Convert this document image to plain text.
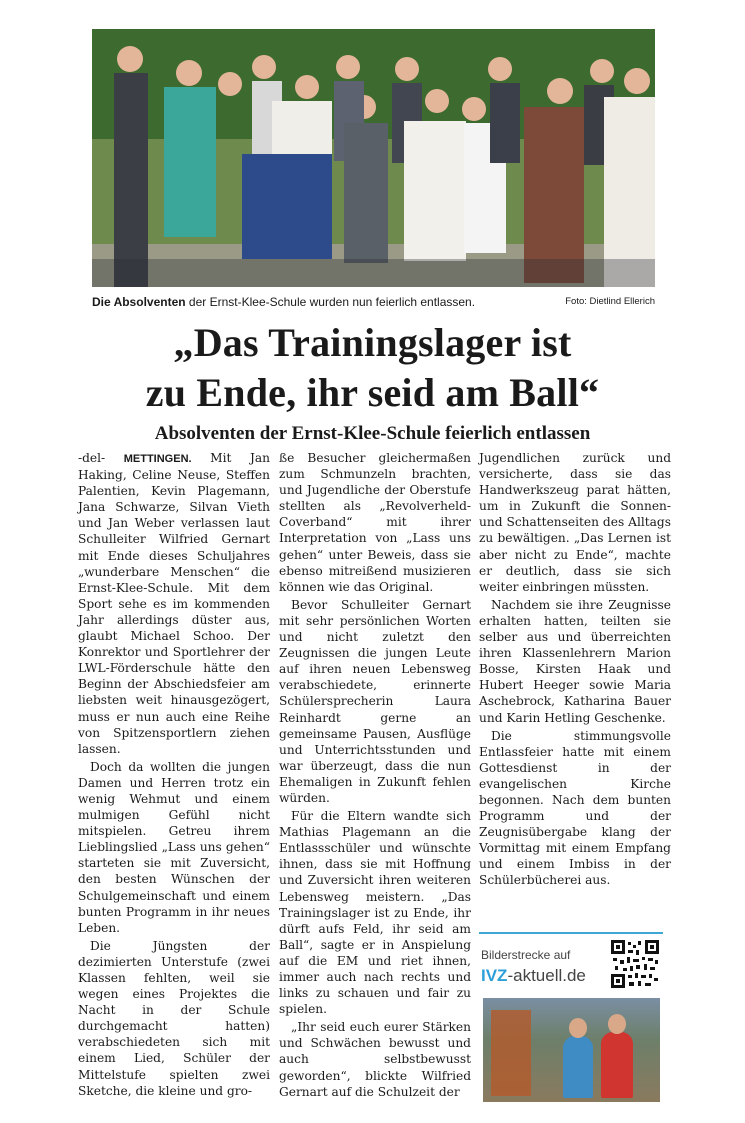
Die Absolventen der Ernst-Klee-Schule wurden nun feierlich entlassen.	Foto: Dietlind Ellerich
„Das Trainingslager ist
zu Ende, ihr seid am Ball“
Absolventen der Ernst-Klee-Schule feierlich entlassen

-del- METTINGEN. Mit Jan Haking, Celine Neuse, Steffen Palentien, Kevin Plagemann, Jana Schwarze, Silvan Vieth und Jan Weber verlassen laut Schulleiter Wilfried Gernart mit Ende dieses Schuljahres „wunderbare Menschen“ die Ernst-Klee-Schule. Mit dem Sport sehe es im kommenden Jahr allerdings düster aus, glaubt Michael Schoo. Der Konrektor und Sportlehrer der LWL-Förderschule hätte den Beginn der Abschiedsfeier am liebsten weit hinausgezögert, muss er nun auch eine Reihe von Spitzensportlern ziehen lassen.

Doch da wollten die jungen Damen und Herren trotz ein wenig Wehmut und einem mulmigen Gefühl nicht mitspielen. Getreu ihrem Lieblingslied „Lass uns gehen“ starteten sie mit Zuversicht, den besten Wünschen der Schulgemeinschaft und einem bunten Programm in ihr neues Leben.

Die Jüngsten der dezimierten Unterstufe (zwei Klassen fehlten, weil sie wegen eines Projektes die Nacht in der Schule durchgemacht hatten) verabschiedeten sich mit einem Lied, Schüler der Mittelstufe spielten zwei Sketche, die kleine und gro-

ße Besucher gleichermaßen zum Schmunzeln brachten, und Jugendliche der Oberstufe stellten als „Revolverheld-Coverband“ mit ihrer Interpretation von „Lass uns gehen“ unter Beweis, dass sie ebenso mitreißend musizieren können wie das Original.

Bevor Schulleiter Gernart mit sehr persönlichen Worten und nicht zuletzt den Zeugnissen die jungen Leute auf ihren neuen Lebensweg verabschiedete, erinnerte Schülersprecherin Laura Reinhardt gerne an gemeinsame Pausen, Ausflüge und Unterrichtsstunden und war überzeugt, dass die nun Ehemaligen in Zukunft fehlen würden.

Für die Eltern wandte sich Mathias Plagemann an die Entlassschüler und wünschte ihnen, dass sie mit Hoffnung und Zuversicht ihren weiteren Lebensweg meistern. „Das Trainingslager ist zu Ende, ihr dürft aufs Feld, ihr seid am Ball“, sagte er in Anspielung auf die EM und riet ihnen, immer auch nach rechts und links zu schauen und fair zu spielen.

„Ihr seid euch eurer Stärken und Schwächen bewusst und auch selbstbewusst geworden“, blickte Wilfried Gernart auf die Schulzeit der

Jugendlichen zurück und versicherte, dass sie das Handwerkszeug parat hätten, um in Zukunft die Sonnen- und Schattenseiten des Alltags zu bewältigen. „Das Lernen ist aber nicht zu Ende“, machte er deutlich, dass sie sich weiter einbringen müssten.

Nachdem sie ihre Zeugnisse erhalten hatten, teilten sie selber aus und überreichten ihren Klassenlehrern Marion Bosse, Kirsten Haak und Hubert Heeger sowie Maria Aschebrock, Katharina Bauer und Karin Hetling Geschenke.

Die stimmungsvolle Entlassfeier hatte mit einem Gottesdienst in der evangelischen Kirche begonnen. Nach dem bunten Programm und der Zeugnisübergabe klang der Vormittag mit einem Empfang und einem Imbiss in der Schülerbücherei aus.

Bilderstrecke auf
IVZ-aktuell.de
